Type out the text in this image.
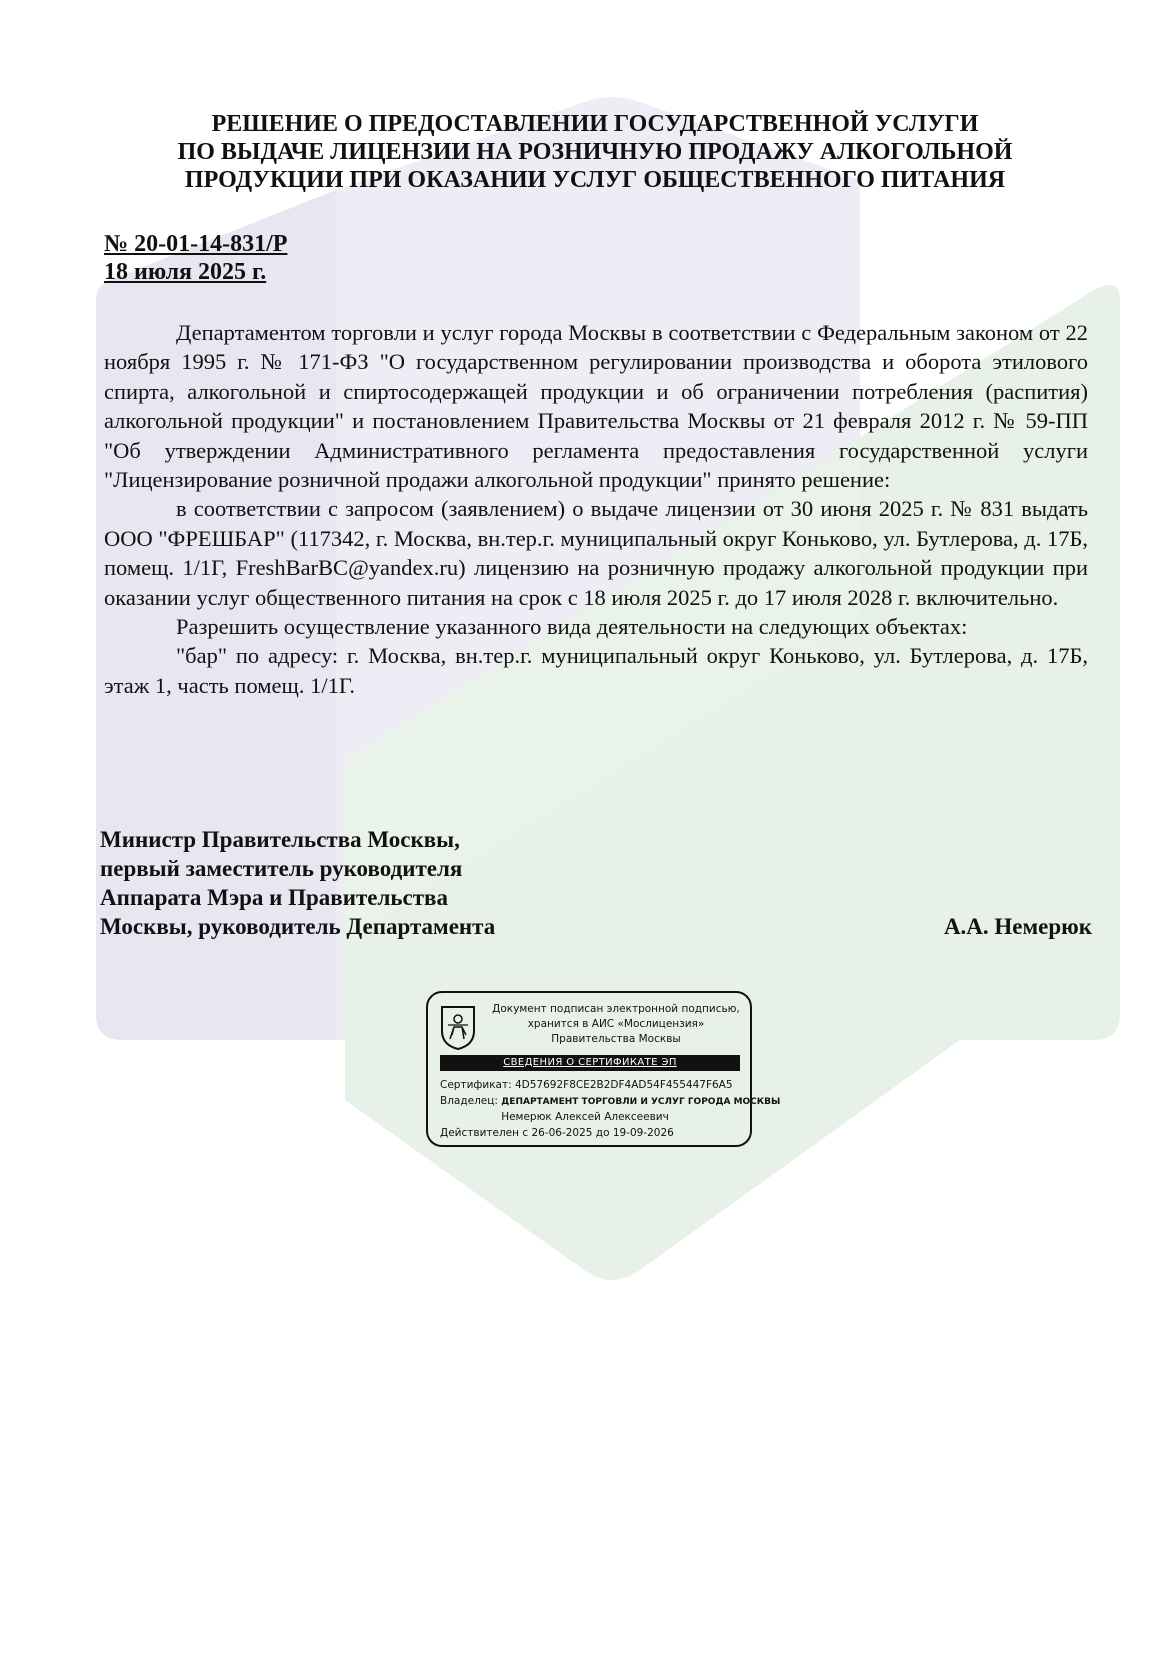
РЕШЕНИЕ О ПРЕДОСТАВЛЕНИИ ГОСУДАРСТВЕННОЙ УСЛУГИ
ПО ВЫДАЧЕ ЛИЦЕНЗИИ НА РОЗНИЧНУЮ ПРОДАЖУ АЛКОГОЛЬНОЙ
ПРОДУКЦИИ ПРИ ОКАЗАНИИ УСЛУГ ОБЩЕСТВЕННОГО ПИТАНИЯ
№ 20-01-14-831/Р
18 июля 2025 г.

Департаментом торговли и услуг города Москвы в соответствии с Федеральным законом от 22 ноября 1995 г. № 171-ФЗ "О государственном регулировании производства и оборота этилового спирта, алкогольной и спиртосодержащей продукции и об ограничении потребления (распития) алкогольной продукции" и постановлением Правительства Москвы от 21 февраля 2012 г. № 59-ПП "Об утверждении Административного регламента предоставления государственной услуги "Лицензирование розничной продажи алкогольной продукции" принято решение:

в соответствии с запросом (заявлением) о выдаче лицензии от 30 июня 2025 г. № 831 выдать ООО "ФРЕШБАР" (117342, г. Москва, вн.тер.г. муниципальный округ Коньково, ул. Бутлерова, д. 17Б, помещ. 1/1Г, FreshBarBC@yandex.ru) лицензию на розничную продажу алкогольной продукции при оказании услуг общественного питания на срок с 18 июля 2025 г. до 17 июля 2028 г. включительно.

Разрешить осуществление указанного вида деятельности на следующих объектах:

"бар" по адресу: г. Москва, вн.тер.г. муниципальный округ Коньково, ул. Бутлерова, д. 17Б, этаж 1, часть помещ. 1/1Г.

Министр Правительства Москвы,
первый заместитель руководителя
Аппарата Мэра и Правительства
Москвы, руководитель Департамента	А.А. Немерюк
Документ подписан электронной подписью,
хранится в АИС «Мослицензия»
Правительства Москвы
СВЕДЕНИЯ О СЕРТИФИКАТЕ ЭП
Сертификат: 4D57692F8CE2B2DF4AD54F455447F6A5
Владелец: ДЕПАРТАМЕНТ ТОРГОВЛИ И УСЛУГ ГОРОДА МОСКВЫ
Немерюк Алексей Алексеевич
Действителен с 26-06-2025 до 19-09-2026
